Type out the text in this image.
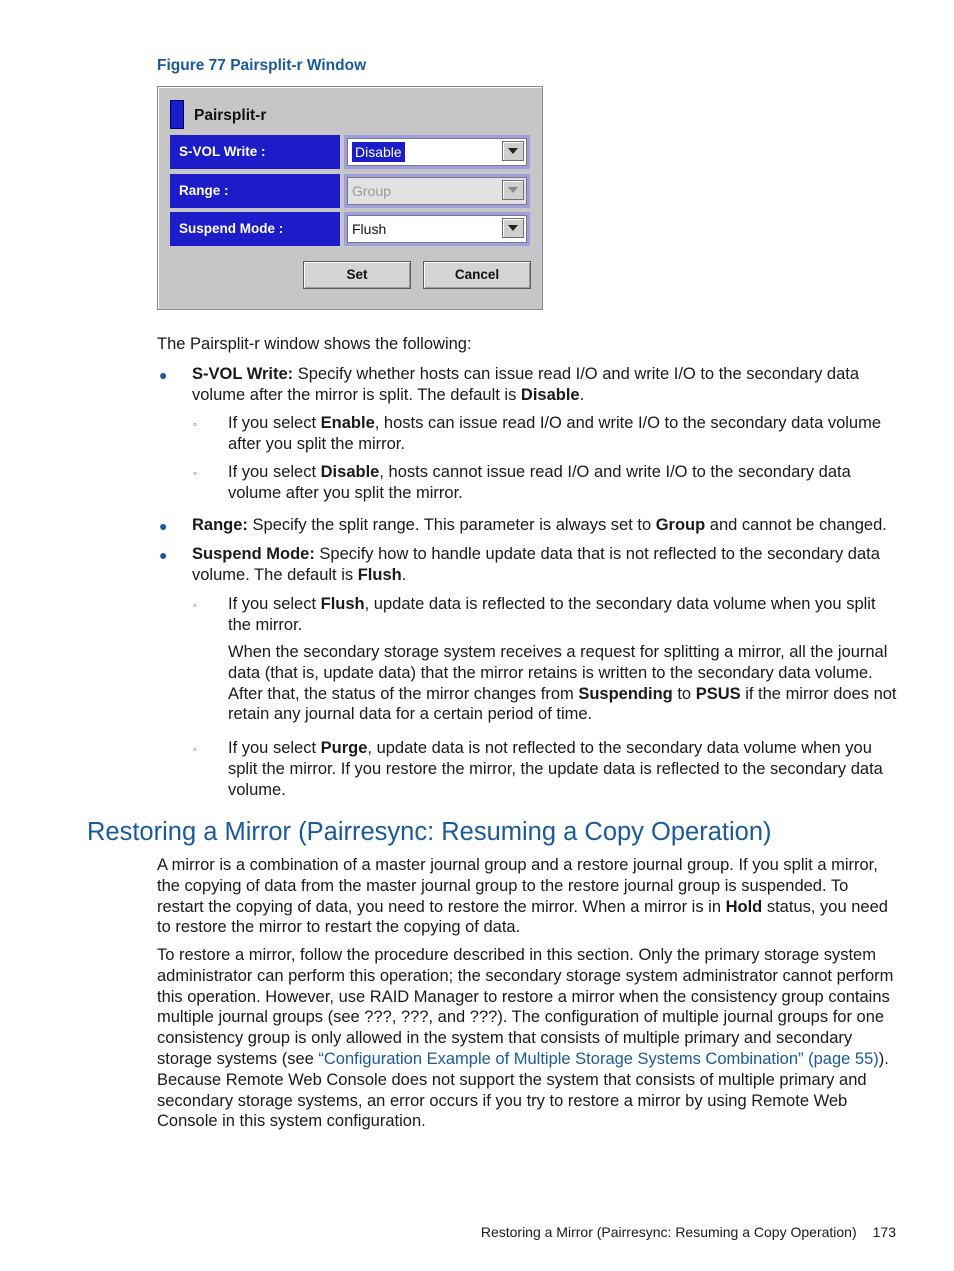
Figure 77 Pairsplit-r Window
Pairsplit-r
S-VOL Write :	Disable
Range :	Group
Suspend Mode :	Flush
Set	Cancel
The Pairsplit-r window shows the following:
● S-VOL Write: Specify whether hosts can issue read I/O and write I/O to the secondary data volume after the mirror is split. The default is Disable.
◦ If you select Enable, hosts can issue read I/O and write I/O to the secondary data volume after you split the mirror.
◦ If you select Disable, hosts cannot issue read I/O and write I/O to the secondary data volume after you split the mirror.
● Range: Specify the split range. This parameter is always set to Group and cannot be changed.
● Suspend Mode: Specify how to handle update data that is not reflected to the secondary data volume. The default is Flush.
◦ If you select Flush, update data is reflected to the secondary data volume when you split the mirror.
When the secondary storage system receives a request for splitting a mirror, all the journal data (that is, update data) that the mirror retains is written to the secondary data volume. After that, the status of the mirror changes from Suspending to PSUS if the mirror does not retain any journal data for a certain period of time.
◦ If you select Purge, update data is not reflected to the secondary data volume when you split the mirror. If you restore the mirror, the update data is reflected to the secondary data volume.
Restoring a Mirror (Pairresync: Resuming a Copy Operation)
A mirror is a combination of a master journal group and a restore journal group. If you split a mirror, the copying of data from the master journal group to the restore journal group is suspended. To restart the copying of data, you need to restore the mirror. When a mirror is in Hold status, you need to restore the mirror to restart the copying of data.
To restore a mirror, follow the procedure described in this section. Only the primary storage system administrator can perform this operation; the secondary storage system administrator cannot perform this operation. However, use RAID Manager to restore a mirror when the consistency group contains multiple journal groups (see ???, ???, and ???). The configuration of multiple journal groups for one consistency group is only allowed in the system that consists of multiple primary and secondary storage systems (see “Configuration Example of Multiple Storage Systems Combination” (page 55)). Because Remote Web Console does not support the system that consists of multiple primary and secondary storage systems, an error occurs if you try to restore a mirror by using Remote Web Console in this system configuration.
Restoring a Mirror (Pairresync: Resuming a Copy Operation) 173
